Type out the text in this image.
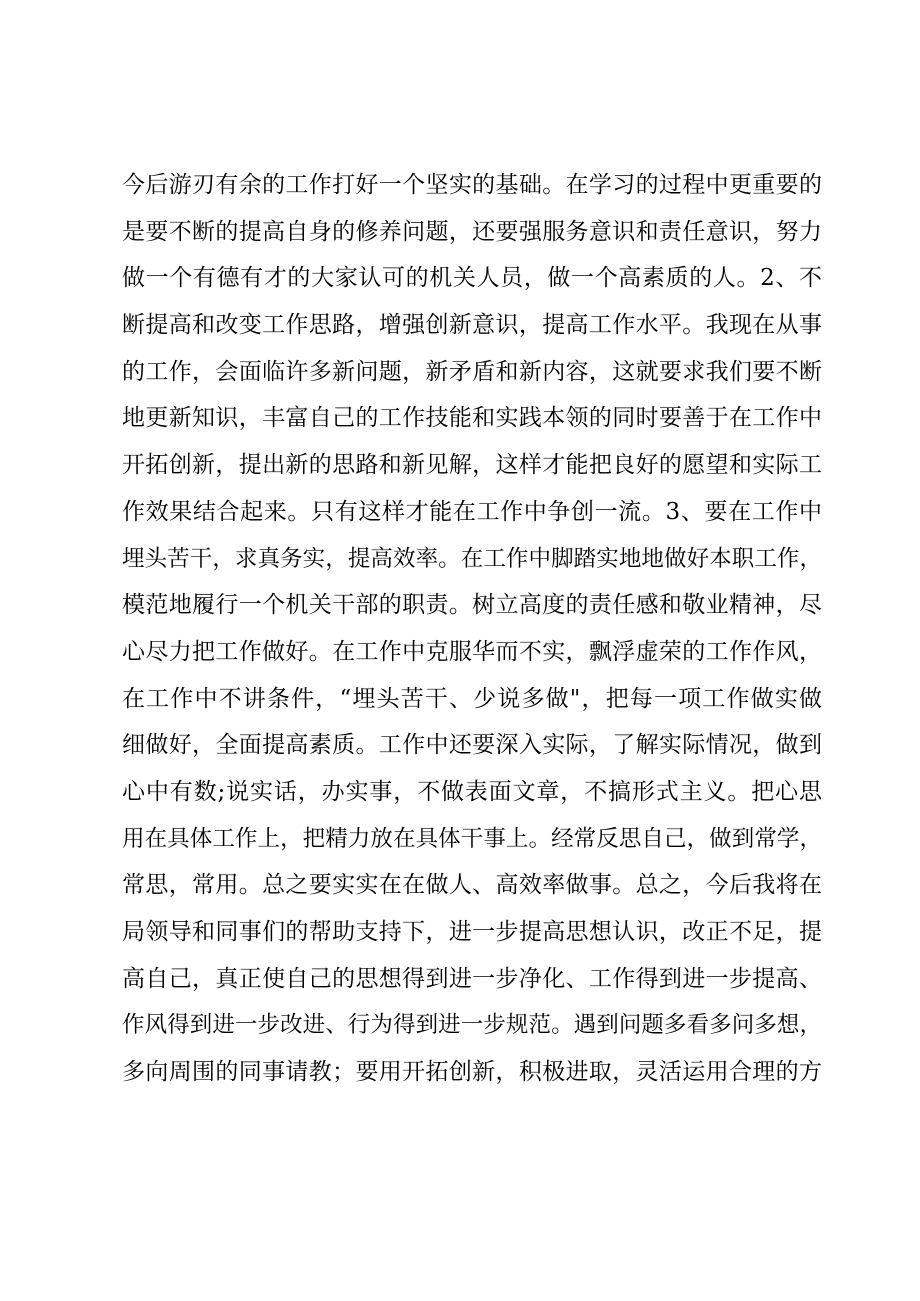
今后游刃有余的工作打好一个坚实的基础。在学习的过程中更重要的
是要不断的提高自身的修养问题，还要强服务意识和责任意识，努力
做一个有德有才的大家认可的机关人员，做一个高素质的人。2、不
断提高和改变工作思路，增强创新意识，提高工作水平。我现在从事
的工作，会面临许多新问题，新矛盾和新内容，这就要求我们要不断
地更新知识，丰富自己的工作技能和实践本领的同时要善于在工作中
开拓创新，提出新的思路和新见解，这样才能把良好的愿望和实际工
作效果结合起来。只有这样才能在工作中争创一流。3、要在工作中
埋头苦干，求真务实，提高效率。在工作中脚踏实地地做好本职工作，
模范地履行一个机关干部的职责。树立高度的责任感和敬业精神，尽
心尽力把工作做好。在工作中克服华而不实，飘浮虚荣的工作作风，
在工作中不讲条件，“埋头苦干、少说多做"，把每一项工作做实做
细做好，全面提高素质。工作中还要深入实际，了解实际情况，做到
心中有数;说实话，办实事，不做表面文章，不搞形式主义。把心思
用在具体工作上，把精力放在具体干事上。经常反思自己，做到常学，
常思，常用。总之要实实在在做人、高效率做事。总之，今后我将在
局领导和同事们的帮助支持下，进一步提高思想认识，改正不足，提
高自己，真正使自己的思想得到进一步净化、工作得到进一步提高、
作风得到进一步改进、行为得到进一步规范。遇到问题多看多问多想，
多向周围的同事请教；要用开拓创新，积极进取，灵活运用合理的方
